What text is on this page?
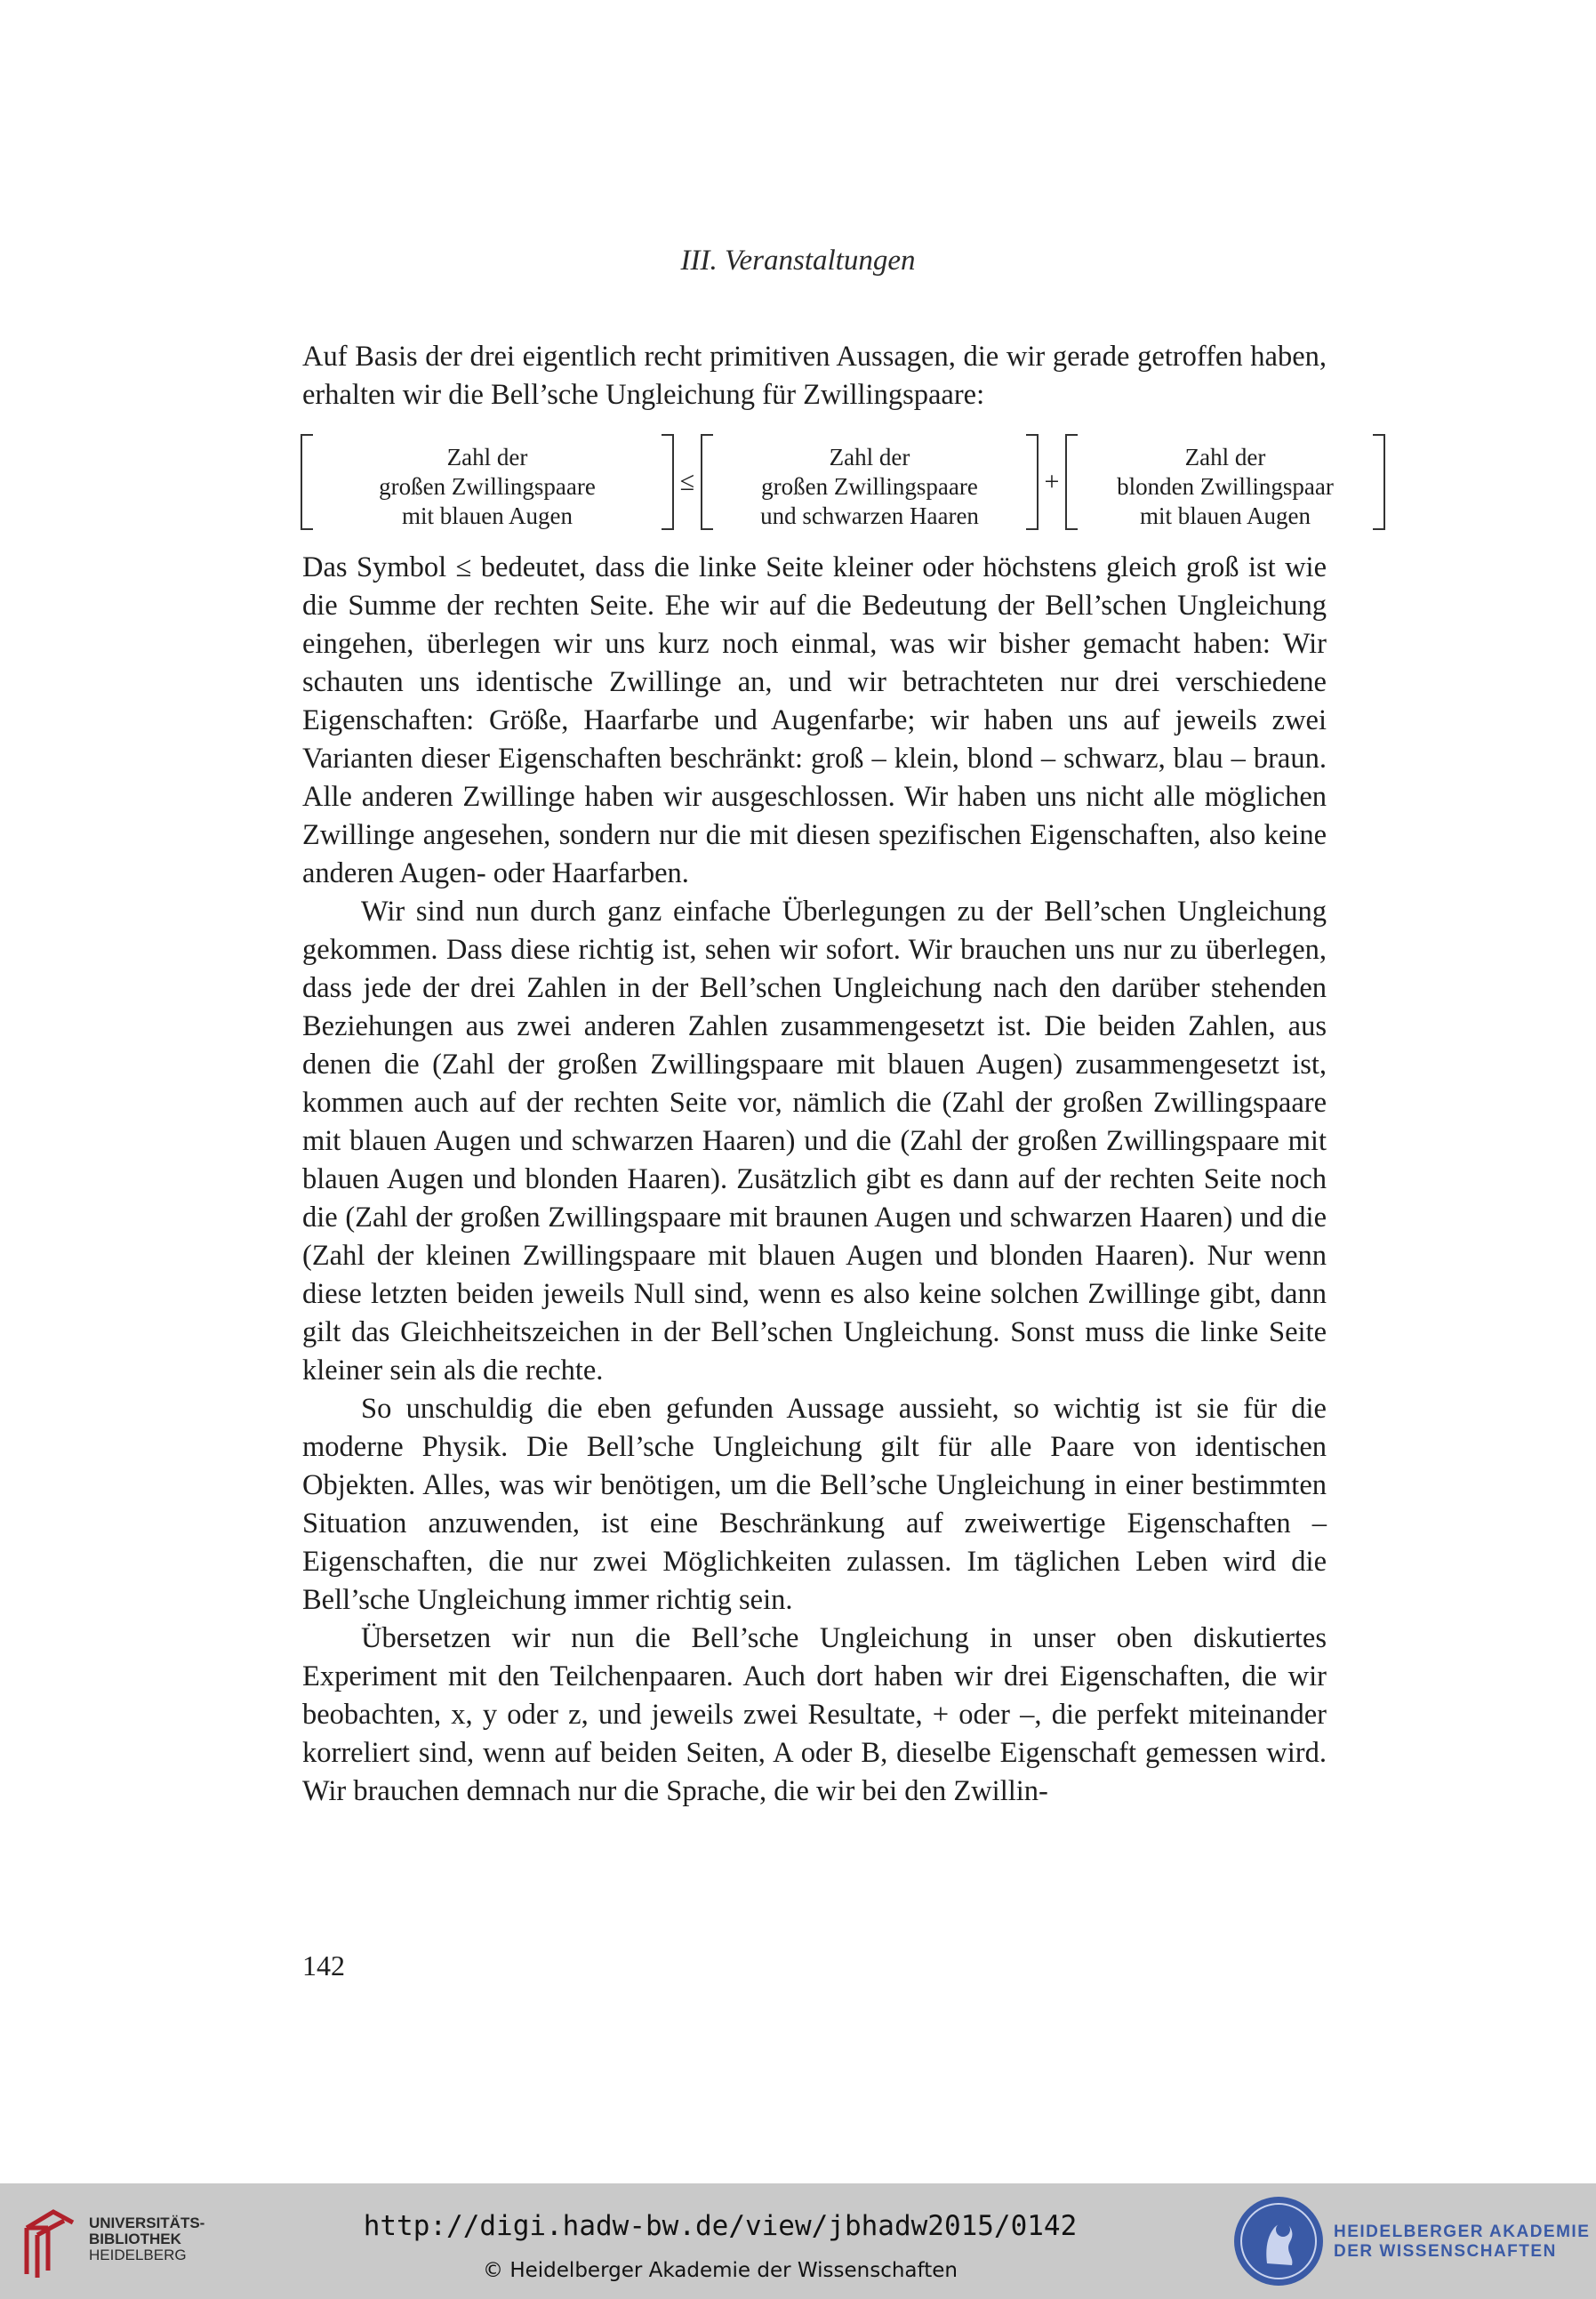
III. Veranstaltungen

Auf Basis der drei eigentlich recht primitiven Aussagen, die wir gerade getroffen haben, erhalten wir die Bell’sche Ungleichung für Zwillingspaare:

Zahl der
großen Zwillingspaare
mit blauen Augen
≤
Zahl der
großen Zwillingspaare
und schwarzen Haaren
+
Zahl der
blonden Zwillingspaar
mit blauen Augen

Das Symbol ≤ bedeutet, dass die linke Seite kleiner oder höchstens gleich groß ist wie die Summe der rechten Seite. Ehe wir auf die Bedeutung der Bell’schen Ungleichung eingehen, überlegen wir uns kurz noch einmal, was wir bisher gemacht haben: Wir schauten uns identische Zwillinge an, und wir betrachteten nur drei verschiedene Eigenschaften: Größe, Haarfarbe und Augenfarbe; wir haben uns auf jeweils zwei Varianten dieser Eigenschaften beschränkt: groß – klein, blond – schwarz, blau – braun. Alle anderen Zwillinge haben wir ausgeschlossen. Wir haben uns nicht alle möglichen Zwillinge angesehen, sondern nur die mit diesen spezifischen Eigenschaften, also keine anderen Augen- oder Haarfarben.

Wir sind nun durch ganz einfache Überlegungen zu der Bell’schen Ungleichung gekommen. Dass diese richtig ist, sehen wir sofort. Wir brauchen uns nur zu überlegen, dass jede der drei Zahlen in der Bell’schen Ungleichung nach den darüber stehenden Beziehungen aus zwei anderen Zahlen zusammengesetzt ist. Die beiden Zahlen, aus denen die (Zahl der großen Zwillingspaare mit blauen Augen) zusammengesetzt ist, kommen auch auf der rechten Seite vor, nämlich die (Zahl der großen Zwillingspaare mit blauen Augen und schwarzen Haaren) und die (Zahl der großen Zwillingspaare mit blauen Augen und blonden Haaren). Zusätzlich gibt es dann auf der rechten Seite noch die (Zahl der großen Zwillingspaare mit braunen Augen und schwarzen Haaren) und die (Zahl der kleinen Zwillingspaare mit blauen Augen und blonden Haaren). Nur wenn diese letzten beiden jeweils Null sind, wenn es also keine solchen Zwillinge gibt, dann gilt das Gleichheitszeichen in der Bell’schen Ungleichung. Sonst muss die linke Seite kleiner sein als die rechte.

So unschuldig die eben gefunden Aussage aussieht, so wichtig ist sie für die moderne Physik. Die Bell’sche Ungleichung gilt für alle Paare von identischen Objekten. Alles, was wir benötigen, um die Bell’sche Ungleichung in einer bestimmten Situation anzuwenden, ist eine Beschränkung auf zweiwertige Eigenschaften – Eigenschaften, die nur zwei Möglichkeiten zulassen. Im täglichen Leben wird die Bell’sche Ungleichung immer richtig sein.

Übersetzen wir nun die Bell’sche Ungleichung in unser oben diskutiertes Experiment mit den Teilchenpaaren. Auch dort haben wir drei Eigenschaften, die wir beobachten, x, y oder z, und jeweils zwei Resultate, + oder –, die perfekt miteinander korreliert sind, wenn auf beiden Seiten, A oder B, dieselbe Eigenschaft gemessen wird. Wir brauchen demnach nur die Sprache, die wir bei den Zwillin-

142
UNIVERSITÄTS-
BIBLIOTHEK
HEIDELBERG
http://digi.hadw-bw.de/view/jbhadw2015/0142
© Heidelberger Akademie der Wissenschaften
HEIDELBERGER AKADEMIE
DER WISSENSCHAFTEN
